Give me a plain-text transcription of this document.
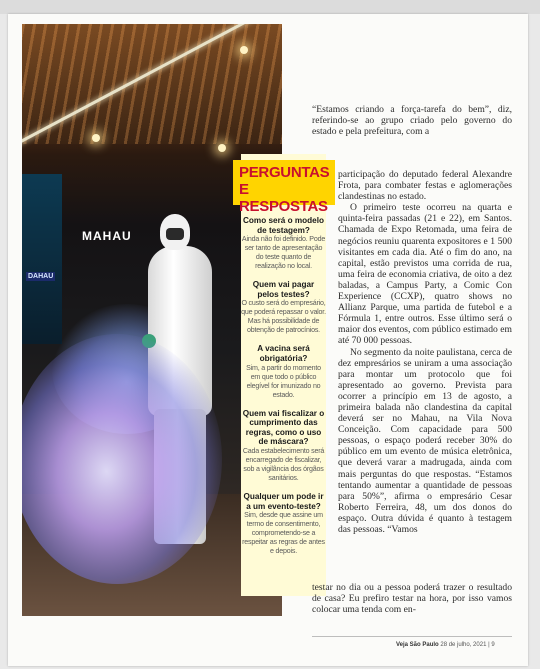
MAHAU
DAHAU
PERGUNTAS
E RESPOSTAS
Como será o modelo de testagem?
Ainda não foi definido. Pode ser tanto de apresentação do teste quanto de realização no local.
Quem vai pagar pelos testes?
O custo será do empresário, que poderá repassar o valor. Mas há possibilidade de obtenção de patrocínios.
A vacina será obrigatória?
Sim, a partir do momento em que todo o público elegível for imunizado no estado.
Quem vai fiscalizar o cumprimento das regras, como o uso de máscara?
Cada estabelecimento será encarregado de fiscalizar, sob a vigilância dos órgãos sanitários.
Qualquer um pode ir a um evento-teste?
Sim, desde que assine um termo de consentimento, comprometendo-se a respeitar as regras de antes e depois.

“Estamos criando a força-tarefa do bem”, diz, referindo-se ao grupo criado pelo governo do estado e pela prefeitura, com a

participação do deputado federal Alexandre Frota, para combater festas e aglomerações clandestinas no estado.

O primeiro teste ocorreu na quarta e quinta-feira passadas (21 e 22), em Santos. Chamada de Expo Retomada, uma feira de negócios reuniu quarenta expositores e 1 500 visitantes em cada dia. Até o fim do ano, na capital, estão previstos uma corrida de rua, uma feira de economia criativa, de oito a dez baladas, a Campus Party, a Comic Con Experience (CCXP), quatro shows no Allianz Parque, uma partida de futebol e a Fórmula 1, entre outros. Esse último será o maior dos eventos, com público estimado em até 70 000 pessoas.

No segmento da noite paulistana, cerca de dez empresários se uniram a uma associação para montar um protocolo que foi apresentado ao governo. Prevista para ocorrer a princípio em 13 de agosto, a primeira balada não clandestina da capital deverá ser no Mahau, na Vila Nova Conceição. Com capacidade para 500 pessoas, o espaço poderá receber 30% do público em um evento de música eletrônica, que deverá varar a madrugada, ainda com mais perguntas do que respostas. “Estamos tentando aumentar a quantidade de pessoas para 50%”, afirma o empresário Cesar Roberto Ferreira, 48, um dos donos do espaço. Outra dúvida é quanto à testagem das pessoas. “Vamos

testar no dia ou a pessoa poderá trazer o resultado de casa? Eu prefiro testar na hora, por isso vamos colocar uma tenda com en-

Veja São Paulo 28 de julho, 2021 | 9
